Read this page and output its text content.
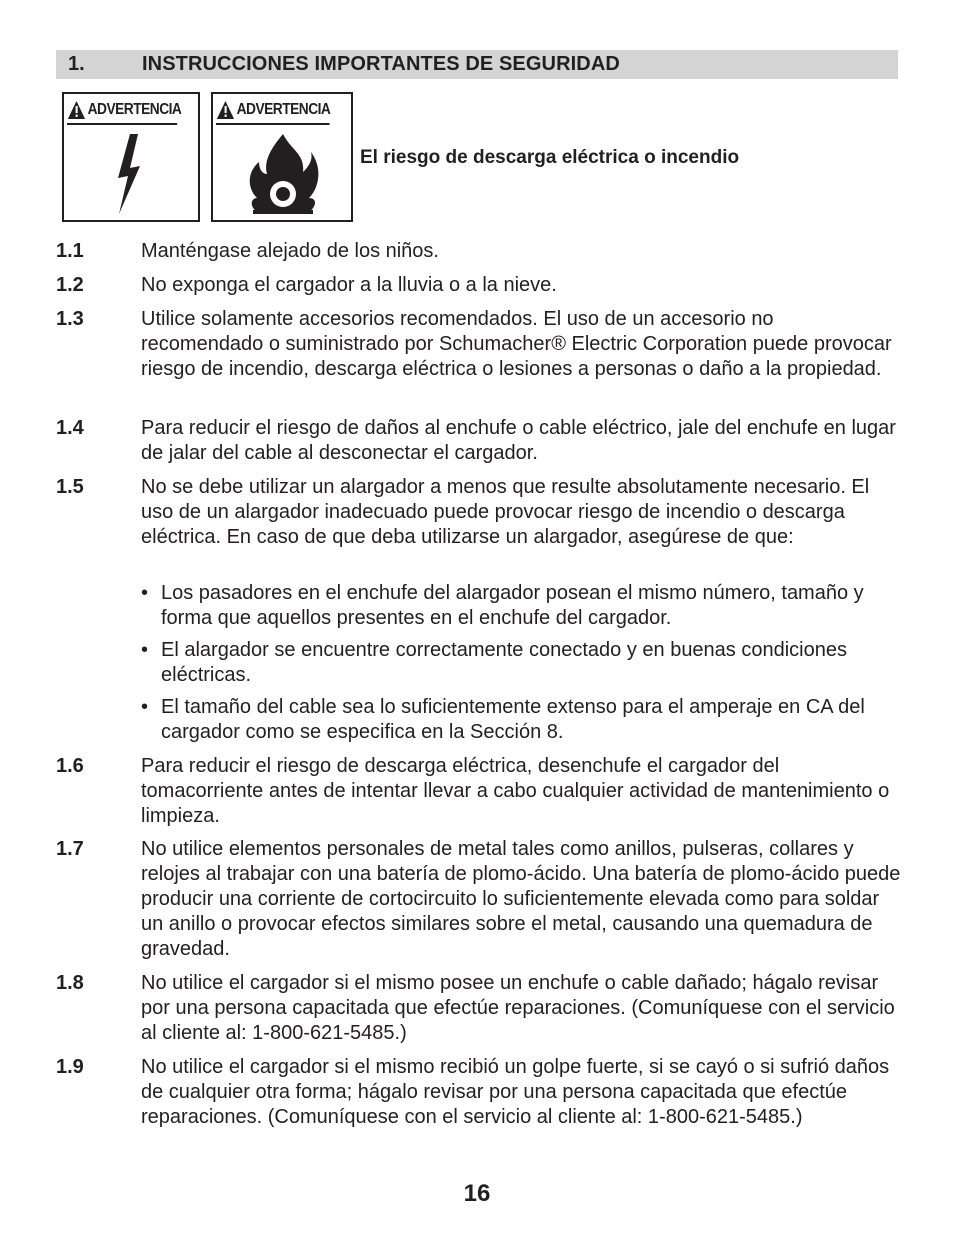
1.	INSTRUCCIONES IMPORTANTES DE SEGURIDAD
ADVERTENCIA	ADVERTENCIA
El riesgo de descarga eléctrica o incendio
1.1	Manténgase alejado de los niños.
1.2	No exponga el cargador a la lluvia o a la nieve.
1.3	Utilice solamente accesorios recomendados. El uso de un accesorio no recomendado o suministrado por Schumacher® Electric Corporation puede provocar riesgo de incendio, descarga eléctrica o lesiones a personas o daño a la propiedad.
1.4	Para reducir el riesgo de daños al enchufe o cable eléctrico, jale del enchufe en lugar de jalar del cable al desconectar el cargador.
1.5	No se debe utilizar un alargador a menos que resulte absolutamente necesario. El uso de un alargador inadecuado puede provocar riesgo de incendio o descarga eléctrica. En caso de que deba utilizarse un alargador, asegúrese de que:
• Los pasadores en el enchufe del alargador posean el mismo número, tamaño y forma que aquellos presentes en el enchufe del cargador.
• El alargador se encuentre correctamente conectado y en buenas condiciones eléctricas.
• El tamaño del cable sea lo suficientemente extenso para el amperaje en CA del cargador como se especifica en la Sección 8.
1.6	Para reducir el riesgo de descarga eléctrica, desenchufe el cargador del tomacorriente antes de intentar llevar a cabo cualquier actividad de mantenimiento o limpieza.
1.7	No utilice elementos personales de metal tales como anillos, pulseras, collares y relojes al trabajar con una batería de plomo-ácido. Una batería de plomo-ácido puede producir una corriente de cortocircuito lo suficientemente elevada como para soldar un anillo o provocar efectos similares sobre el metal, causando una quemadura de gravedad.
1.8	No utilice el cargador si el mismo posee un enchufe o cable dañado; hágalo revisar por una persona capacitada que efectúe reparaciones. (Comuníquese con el servicio al cliente al: 1-800-621-5485.)
1.9	No utilice el cargador si el mismo recibió un golpe fuerte, si se cayó o si sufrió daños de cualquier otra forma; hágalo revisar por una persona capacitada que efectúe reparaciones. (Comuníquese con el servicio al cliente al: 1-800-621-5485.)
16
